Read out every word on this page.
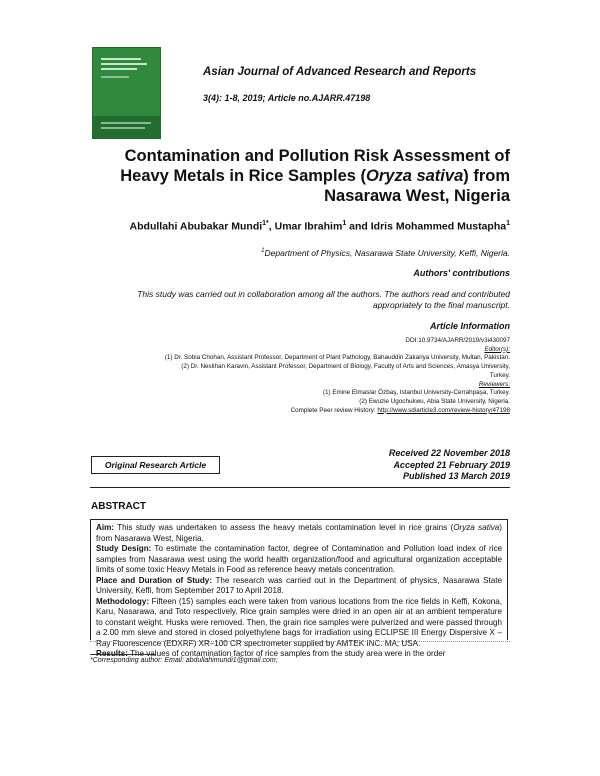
Asian Journal of Advanced Research and Reports
3(4): 1-8, 2019; Article no.AJARR.47198
Contamination and Pollution Risk Assessment of Heavy Metals in Rice Samples (Oryza sativa) from Nasarawa West, Nigeria
Abdullahi Abubakar Mundi$^{1*}$, Umar Ibrahim$^1$ and Idris Mohammed Mustapha$^1$
$^1$Department of Physics, Nasarawa State University, Keffi, Nigeria.
Authors' contributions
This study was carried out in collaboration among all the authors. The authors read and contributed appropriately to the final manuscript.
Article Information
DOI:10.9734/AJARR/2019/v3i430097
Editor(s):
(1) Dr. Sobia Chohan, Assistant Professor, Department of Plant Pathology, Bahauddin Zakariya University, Multan, Pakistan.
(2) Dr. Neslihan Karavin, Assistant Professor, Department of Biology, Faculty of Arts and Sciences, Amasya University,
Turkey.
Reviewers:
(1) Emine Elmaslar Özbaş, Istanbul University-Cerrahpaşa, Turkey.
(2) Ewuzie Ugochukwu, Abia State University, Nigeria.
Complete Peer review History: http://www.sdiarticle3.com/review-history/47198
Received 22 November 2018
Accepted 21 February 2019
Published 13 March 2019
Original Research Article
ABSTRACT

Aim: This study was undertaken to assess the heavy metals contamination level in rice grains (Oryza sativa) from Nasarawa West, Nigeria.

Study Design: To estimate the contamination factor, degree of Contamination and Pollution load index of rice samples from Nasarawa west using the world health organization/food and agricultural organization acceptable limits of some toxic Heavy Metals in Food as reference heavy metals concentration.

Place and Duration of Study: The research was carried out in the Department of physics, Nasarawa State University, Keffi, from September 2017 to April 2018.

Methodology: Fifteen (15) samples each were taken from various locations from the rice fields in Keffi, Kokona, Karu, Nasarawa, and Toto respectively. Rice grain samples were dried in an open air at an ambient temperature to constant weight. Husks were removed. Then, the grain rice samples were pulverized and were passed through a 2.00 mm sieve and stored in closed polyethylene bags for irradiation using ECLIPSE III Energy Dispersive X – Ray Fluorescence (EDXRF) XR–100 CR spectrometer supplied by AMTEK INC. MA; USA.

Results: The values of contamination factor of rice samples from the study area were in the order

*Corresponding author: Email: abdullahimundi1@gmail.com;
